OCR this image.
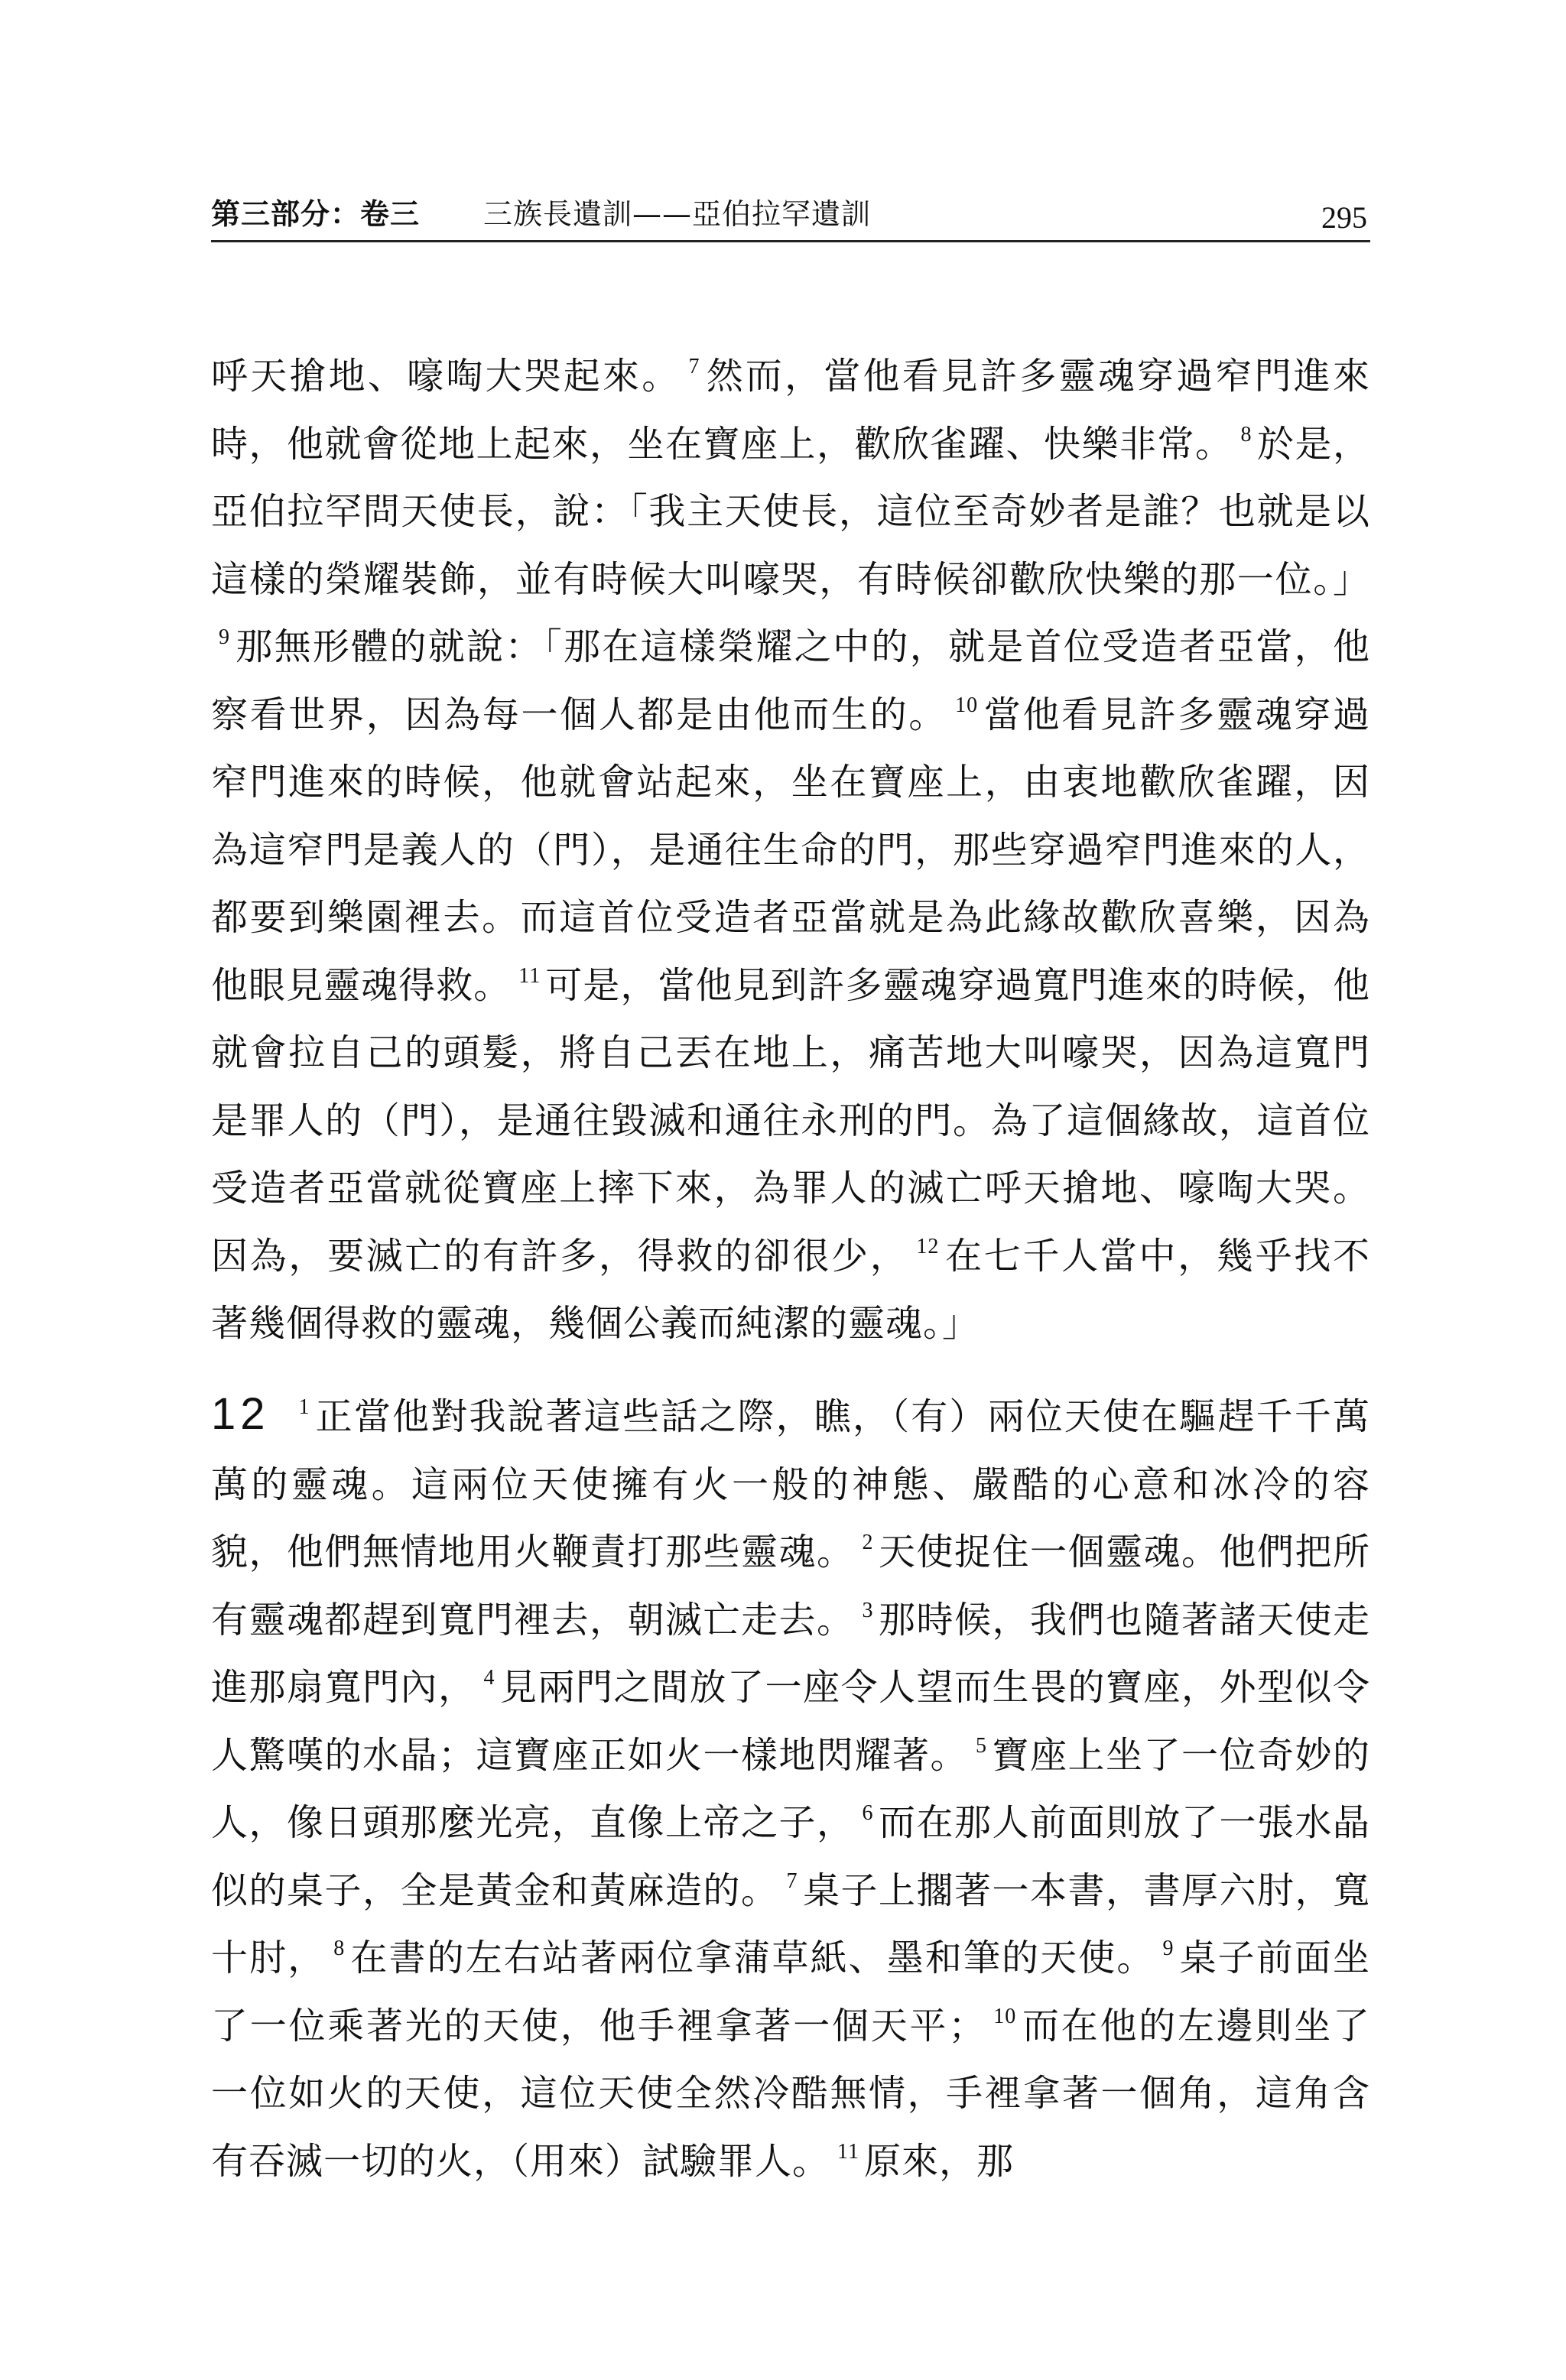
第三部分：卷三 三族長遺訓——亞伯拉罕遺訓	295

呼天搶地、嚎啕大哭起來。 $^7$ 然而，當他看見許多靈魂穿過窄門進來時，他就會從地上起來，坐在寶座上，歡欣雀躍、快樂非常。 $^8$ 於是，亞伯拉罕問天使長，說：「我主天使長，這位至奇妙者是誰？也就是以這樣的榮耀裝飾，並有時候大叫嚎哭，有時候卻歡欣快樂的那一位。」$^9$ 那無形體的就說：「那在這樣榮耀之中的，就是首位受造者亞當，他察看世界，因為每一個人都是由他而生的。 $^{10}$ 當他看見許多靈魂穿過窄門進來的時候，他就會站起來，坐在寶座上，由衷地歡欣雀躍，因為這窄門是義人的（門），是通往生命的門，那些穿過窄門進來的人，都要到樂園裡去。而這首位受造者亞當就是為此緣故歡欣喜樂，因為他眼見靈魂得救。 $^{11}$ 可是，當他見到許多靈魂穿過寬門進來的時候，他就會拉自己的頭髮，將自己丟在地上，痛苦地大叫嚎哭，因為這寬門是罪人的（門），是通往毀滅和通往永刑的門。為了這個緣故，這首位受造者亞當就從寶座上摔下來，為罪人的滅亡呼天搶地、嚎啕大哭。因為，要滅亡的有許多，得救的卻很少， $^{12}$ 在七千人當中，幾乎找不著幾個得救的靈魂，幾個公義而純潔的靈魂。」

12 $^1$ 正當他對我說著這些話之際，瞧，（有）兩位天使在驅趕千千萬萬的靈魂。這兩位天使擁有火一般的神態、嚴酷的心意和冰冷的容貌，他們無情地用火鞭責打那些靈魂。 $^2$ 天使捉住一個靈魂。他們把所有靈魂都趕到寬門裡去，朝滅亡走去。 $^3$ 那時候，我們也隨著諸天使走進那扇寬門內， $^4$ 見兩門之間放了一座令人望而生畏的寶座，外型似令人驚嘆的水晶；這寶座正如火一樣地閃耀著。 $^5$ 寶座上坐了一位奇妙的人，像日頭那麼光亮，直像上帝之子， $^6$ 而在那人前面則放了一張水晶似的桌子，全是黃金和黃麻造的。 $^7$ 桌子上擱著一本書，書厚六肘，寬十肘， $^8$ 在書的左右站著兩位拿蒲草紙、墨和筆的天使。 $^9$ 桌子前面坐了一位乘著光的天使，他手裡拿著一個天平； $^{10}$ 而在他的左邊則坐了一位如火的天使，這位天使全然冷酷無情，手裡拿著一個角，這角含有吞滅一切的火，（用來）試驗罪人。 $^{11}$ 原來，那
